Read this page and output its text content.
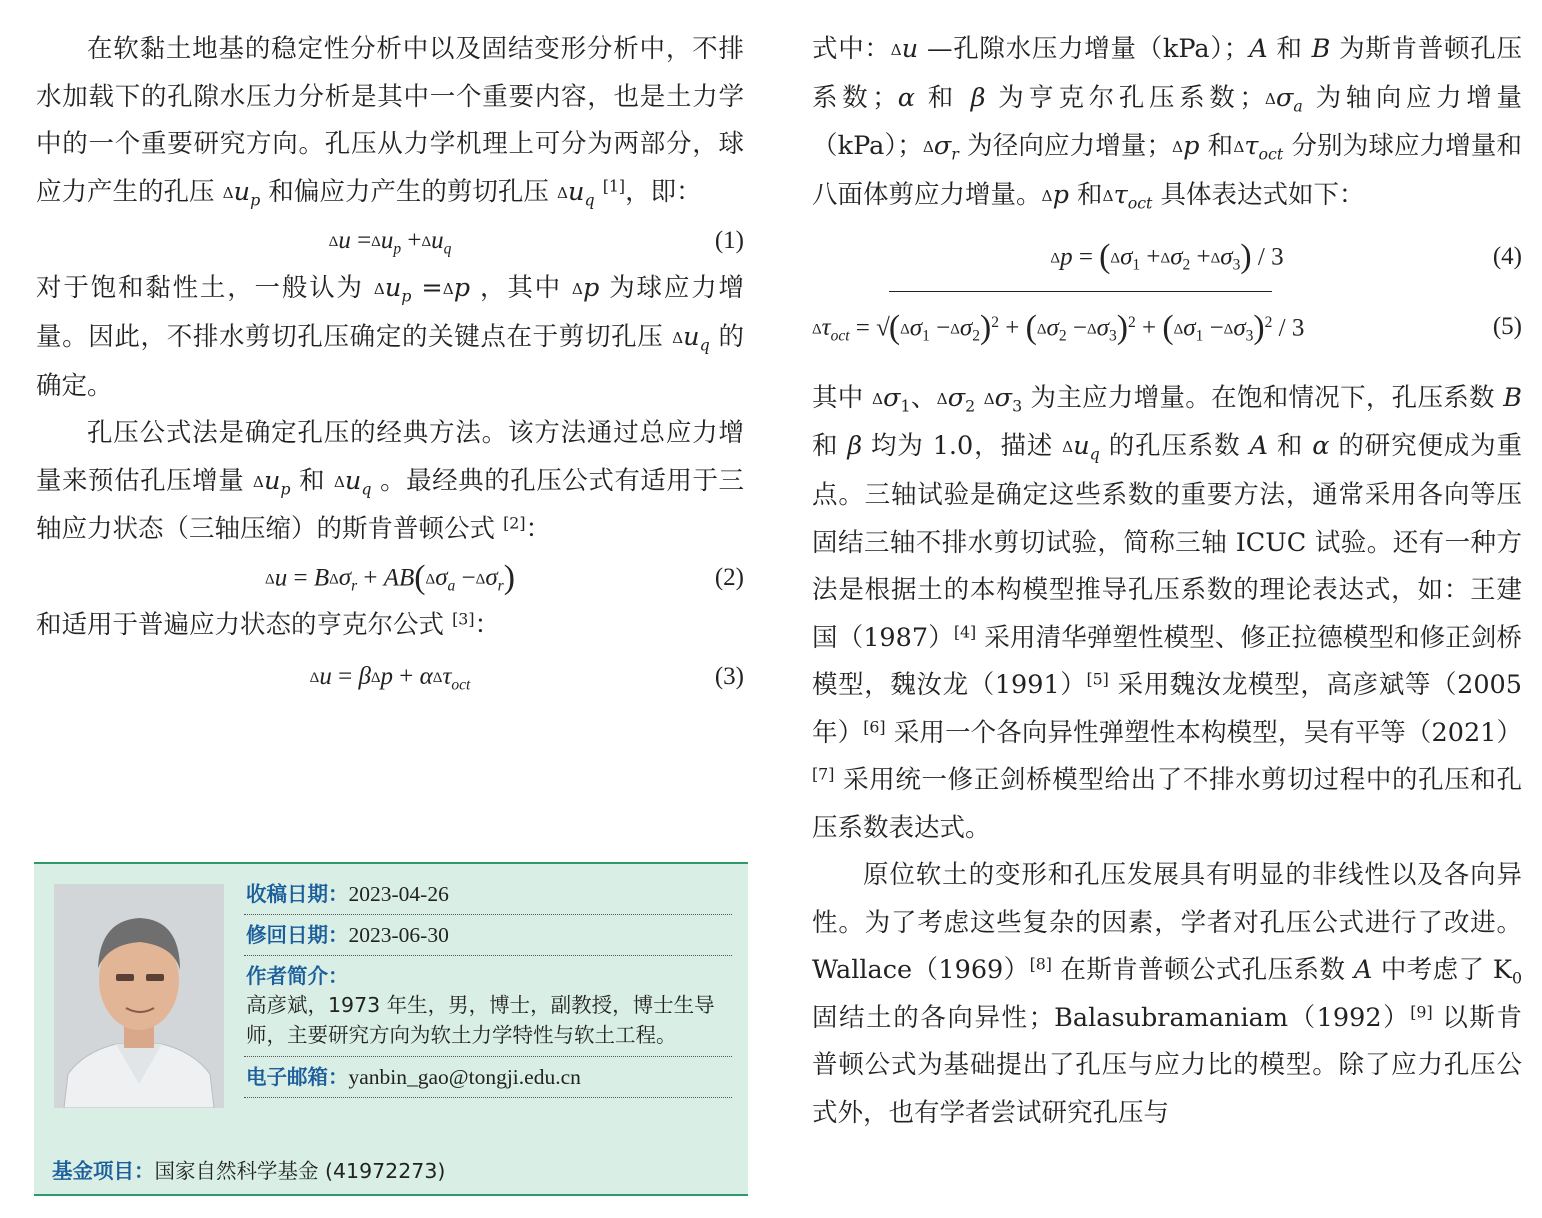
在软黏土地基的稳定性分析中以及固结变形分析中，不排水加载下的孔隙水压力分析是其中一个重要内容，也是土力学中的一个重要研究方向。孔压从力学机理上可分为两部分，球应力产生的孔压 $\Delta u_p$ 和偏应力产生的剪切孔压 $\Delta u_q$ [1]，即：

$\Delta u =\Delta u_p +\Delta u_q$	(1)

对于饱和黏性土，一般认为 $\Delta u_p =\Delta p$ ，其中 Δp 为球应力增量。因此，不排水剪切孔压确定的关键点在于剪切孔压 $\Delta u_q$ 的确定。

孔压公式法是确定孔压的经典方法。该方法通过总应力增量来预估孔压增量 $\Delta u_p$ 和 $\Delta u_q$ 。最经典的孔压公式有适用于三轴应力状态（三轴压缩）的斯肯普顿公式 [2]：

$\Delta u = B\Delta\sigma_r + AB(\Delta\sigma_a -\Delta\sigma_r)$	(2)

和适用于普遍应力状态的亨克尔公式 [3]：

Δu = βΔp + αΔτ$_{oct}$	(3)
收稿日期：2023-04-26
修回日期：2023-06-30
作者简介：
高彦斌，1973 年生，男，博士，副教授，博士生导师，主要研究方向为软土力学特性与软土工程。
电子邮箱：yanbin_gao@tongji.edu.cn
基金项目：国家自然科学基金 (41972273)

式中：Δu —孔隙水压力增量（kPa）；A 和 B 为斯肯普顿孔压系数；α 和 β 为亨克尔孔压系数；$\Delta\sigma_a$ 为轴向应力增量（kPa）；$\Delta\sigma_r$ 为径向应力增量；Δp 和$\Delta\tau_{oct}$ 分别为球应力增量和八面体剪应力增量。Δp 和$\Delta\tau_{oct}$ 具体表达式如下：

$\Delta p = (\Delta\sigma_1 +\Delta\sigma_2 +\Delta\sigma_3) / 3$	(4)
$\Delta\tau_{oct} = √(\Delta\sigma_1 -\Delta\sigma_2)^2 + (\Delta\sigma_2 -\Delta\sigma_3)^2 + (\Delta\sigma_1 -\Delta\sigma_3)^2 / 3$	(5)

其中 $\Delta\sigma_1$、$\Delta\sigma_2$ $\Delta\sigma_3$ 为主应力增量。在饱和情况下，孔压系数 B 和 β 均为 1.0，描述 $\Delta u_q$ 的孔压系数 A 和 α 的研究便成为重点。三轴试验是确定这些系数的重要方法，通常采用各向等压固结三轴不排水剪切试验，简称三轴 ICUC 试验。还有一种方法是根据土的本构模型推导孔压系数的理论表达式，如：王建国（1987）[4] 采用清华弹塑性模型、修正拉德模型和修正剑桥模型，魏汝龙（1991）[5] 采用魏汝龙模型，高彦斌等（2005 年）[6] 采用一个各向异性弹塑性本构模型，吴有平等（2021）[7] 采用统一修正剑桥模型给出了不排水剪切过程中的孔压和孔压系数表达式。

原位软土的变形和孔压发展具有明显的非线性以及各向异性。为了考虑这些复杂的因素，学者对孔压公式进行了改进。Wallace（1969）[8] 在斯肯普顿公式孔压系数 A 中考虑了 $K_0$ 固结土的各向异性；Balasubramaniam（1992）[9] 以斯肯普顿公式为基础提出了孔压与应力比的模型。除了应力孔压公式外，也有学者尝试研究孔压与
